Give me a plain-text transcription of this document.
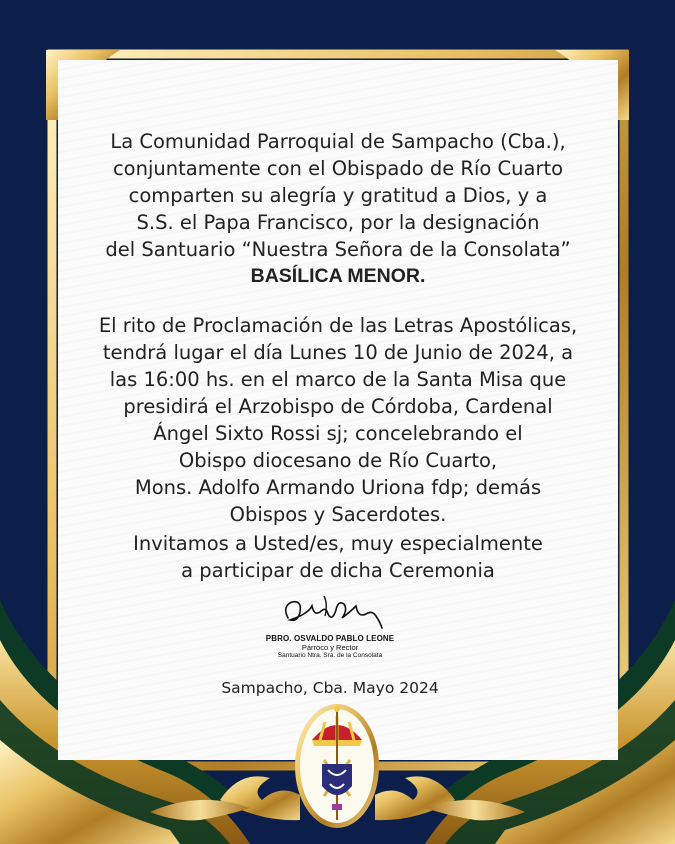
La Comunidad Parroquial de Sampacho (Cba.),
conjuntamente con el Obispado de Río Cuarto
comparten su alegría y gratitud a Dios, y a
S.S. el Papa Francisco, por la designación
del Santuario “Nuestra Señora de la Consolata”
BASÍLICA MENOR.
El rito de Proclamación de las Letras Apostólicas,
tendrá lugar el día Lunes 10 de Junio de 2024, a
las 16:00 hs. en el marco de la Santa Misa que
presidirá el Arzobispo de Córdoba, Cardenal
Ángel Sixto Rossi sj; concelebrando el
Obispo diocesano de Río Cuarto,
Mons. Adolfo Armando Uriona fdp; demás
Obispos y Sacerdotes.
Invitamos a Usted/es, muy especialmente
a participar de dicha Ceremonia
PBRO. OSVALDO PABLO LEONE
Párroco y Rector
Santuario Ntra. Sra. de la Consolata
Sampacho, Cba. Mayo 2024
